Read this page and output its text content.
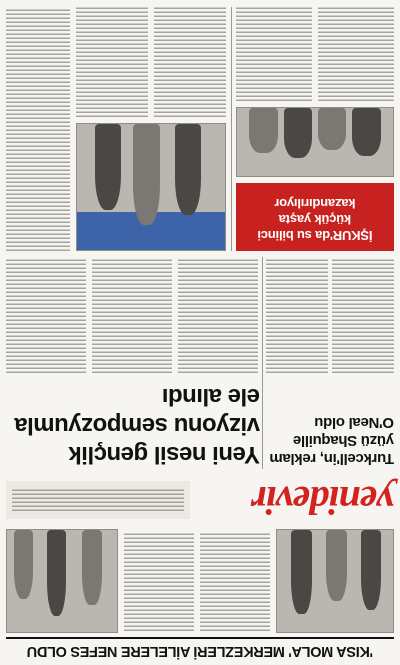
'KISA MOLA' MERKEZLERİ AİLELERE NEFES OLDU
yenidevir
Yeni nesil gençlik vizyonu sempozyumla ele alındı
Turkcell'in, reklam yüzü Shaquille O'Neal oldu
İŞKUR'da su bilinci küçük yaşta kazandırılıyor
